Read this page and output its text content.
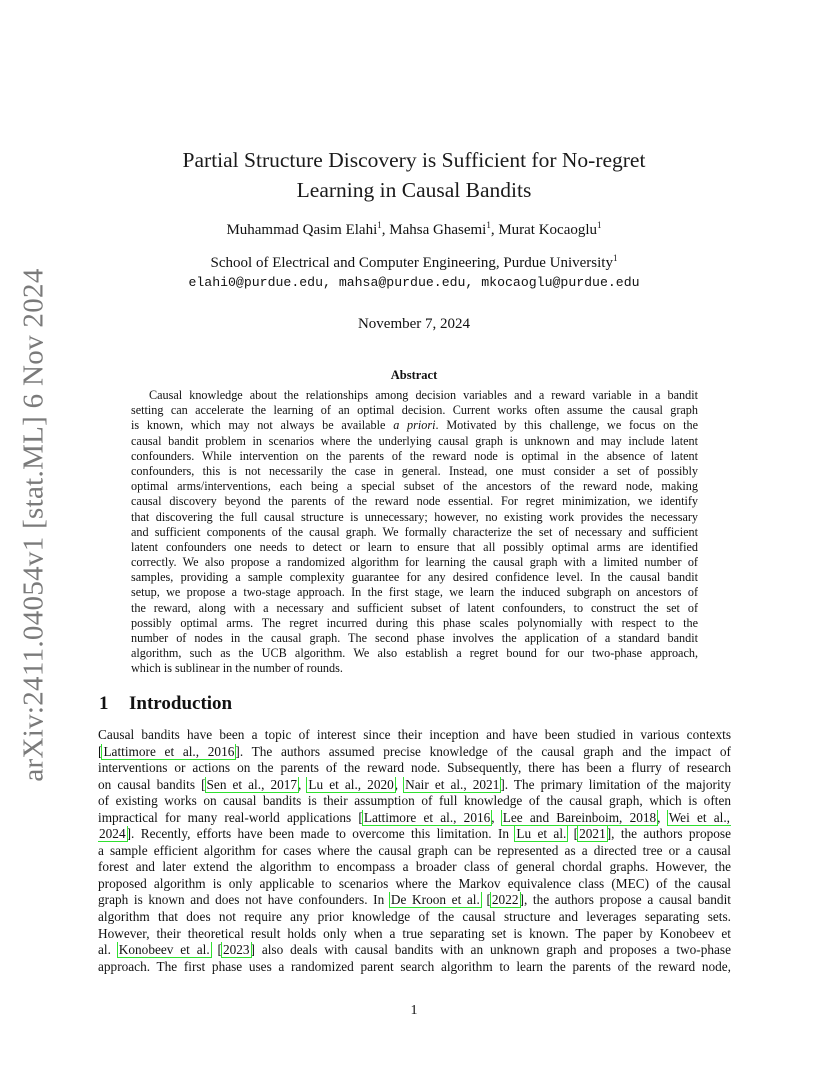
arXiv:2411.04054v1 [stat.ML] 6 Nov 2024
Partial Structure Discovery is Sufficient for No-regret
Learning in Causal Bandits
Muhammad Qasim Elahi$^1$, Mahsa Ghasemi$^1$, Murat Kocaoglu$^1$
School of Electrical and Computer Engineering, Purdue University$^1$
elahi0@purdue.edu, mahsa@purdue.edu, mkocaoglu@purdue.edu
November 7, 2024
Abstract
Causal knowledge about the relationships among decision variables and a reward variable in a bandit
setting can accelerate the learning of an optimal decision. Current works often assume the causal graph
is known, which may not always be available a priori. Motivated by this challenge, we focus on the
causal bandit problem in scenarios where the underlying causal graph is unknown and may include latent
confounders. While intervention on the parents of the reward node is optimal in the absence of latent
confounders, this is not necessarily the case in general. Instead, one must consider a set of possibly
optimal arms/interventions, each being a special subset of the ancestors of the reward node, making
causal discovery beyond the parents of the reward node essential. For regret minimization, we identify
that discovering the full causal structure is unnecessary; however, no existing work provides the necessary
and sufficient components of the causal graph. We formally characterize the set of necessary and sufficient
latent confounders one needs to detect or learn to ensure that all possibly optimal arms are identified
correctly. We also propose a randomized algorithm for learning the causal graph with a limited number of
samples, providing a sample complexity guarantee for any desired confidence level. In the causal bandit
setup, we propose a two-stage approach. In the first stage, we learn the induced subgraph on ancestors of
the reward, along with a necessary and sufficient subset of latent confounders, to construct the set of
possibly optimal arms. The regret incurred during this phase scales polynomially with respect to the
number of nodes in the causal graph. The second phase involves the application of a standard bandit
algorithm, such as the UCB algorithm. We also establish a regret bound for our two-phase approach,
which is sublinear in the number of rounds.
1 Introduction
Causal bandits have been a topic of interest since their inception and have been studied in various contexts
[Lattimore et al., 2016]. The authors assumed precise knowledge of the causal graph and the impact of
interventions or actions on the parents of the reward node. Subsequently, there has been a flurry of research
on causal bandits [Sen et al., 2017, Lu et al., 2020, Nair et al., 2021]. The primary limitation of the majority
of existing works on causal bandits is their assumption of full knowledge of the causal graph, which is often
impractical for many real-world applications [Lattimore et al., 2016, Lee and Bareinboim, 2018, Wei et al.,
2024]. Recently, efforts have been made to overcome this limitation. In Lu et al. [2021], the authors propose
a sample efficient algorithm for cases where the causal graph can be represented as a directed tree or a causal
forest and later extend the algorithm to encompass a broader class of general chordal graphs. However, the
proposed algorithm is only applicable to scenarios where the Markov equivalence class (MEC) of the causal
graph is known and does not have confounders. In De Kroon et al. [2022], the authors propose a causal bandit
algorithm that does not require any prior knowledge of the causal structure and leverages separating sets.
However, their theoretical result holds only when a true separating set is known. The paper by Konobeev et
al. Konobeev et al. [2023] also deals with causal bandits with an unknown graph and proposes a two-phase
approach. The first phase uses a randomized parent search algorithm to learn the parents of the reward node,
1
